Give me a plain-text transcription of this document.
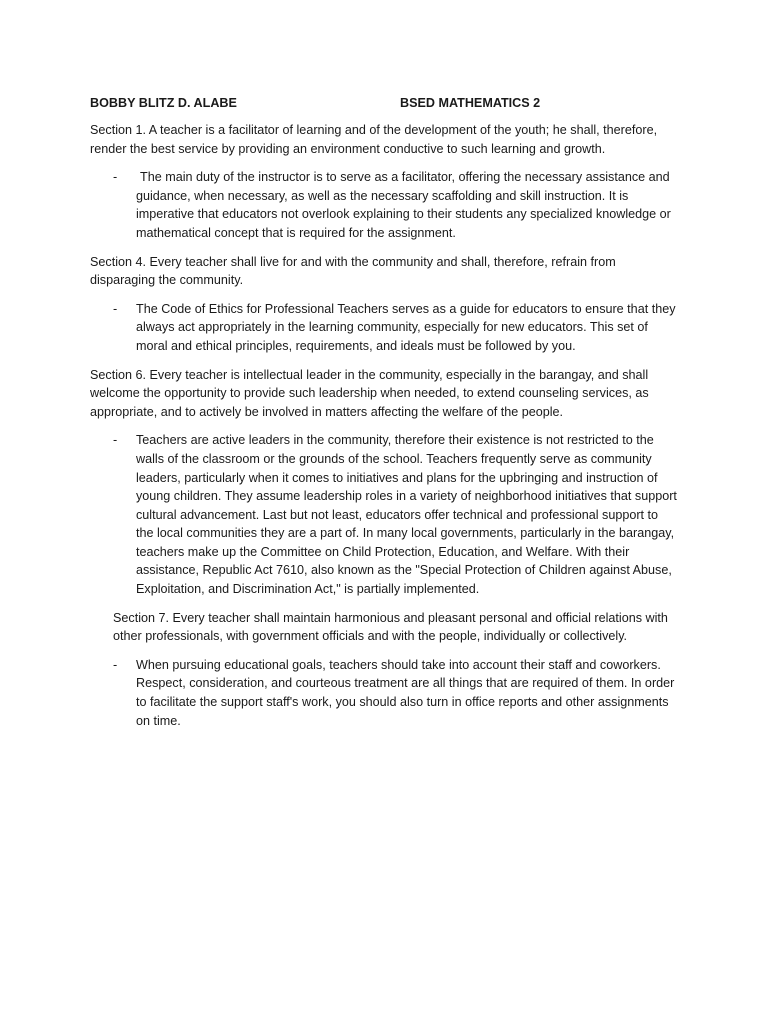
BOBBY BLITZ D. ALABE	BSED MATHEMATICS 2

Section 1. A teacher is a facilitator of learning and of the development of the youth; he shall, therefore, render the best service by providing an environment conductive to such learning and growth.

- The main duty of the instructor is to serve as a facilitator, offering the necessary assistance and guidance, when necessary, as well as the necessary scaffolding and skill instruction. It is imperative that educators not overlook explaining to their students any specialized knowledge or mathematical concept that is required for the assignment.

Section 4. Every teacher shall live for and with the community and shall, therefore, refrain from disparaging the community.

- The Code of Ethics for Professional Teachers serves as a guide for educators to ensure that they always act appropriately in the learning community, especially for new educators. This set of moral and ethical principles, requirements, and ideals must be followed by you.

Section 6. Every teacher is intellectual leader in the community, especially in the barangay, and shall welcome the opportunity to provide such leadership when needed, to extend counseling services, as appropriate, and to actively be involved in matters affecting the welfare of the people.

- Teachers are active leaders in the community, therefore their existence is not restricted to the walls of the classroom or the grounds of the school. Teachers frequently serve as community leaders, particularly when it comes to initiatives and plans for the upbringing and instruction of young children. They assume leadership roles in a variety of neighborhood initiatives that support cultural advancement. Last but not least, educators offer technical and professional support to the local communities they are a part of. In many local governments, particularly in the barangay, teachers make up the Committee on Child Protection, Education, and Welfare. With their assistance, Republic Act 7610, also known as the "Special Protection of Children against Abuse, Exploitation, and Discrimination Act," is partially implemented.

Section 7. Every teacher shall maintain harmonious and pleasant personal and official relations with other professionals, with government officials and with the people, individually or collectively.

- When pursuing educational goals, teachers should take into account their staff and coworkers. Respect, consideration, and courteous treatment are all things that are required of them. In order to facilitate the support staff's work, you should also turn in office reports and other assignments on time.
